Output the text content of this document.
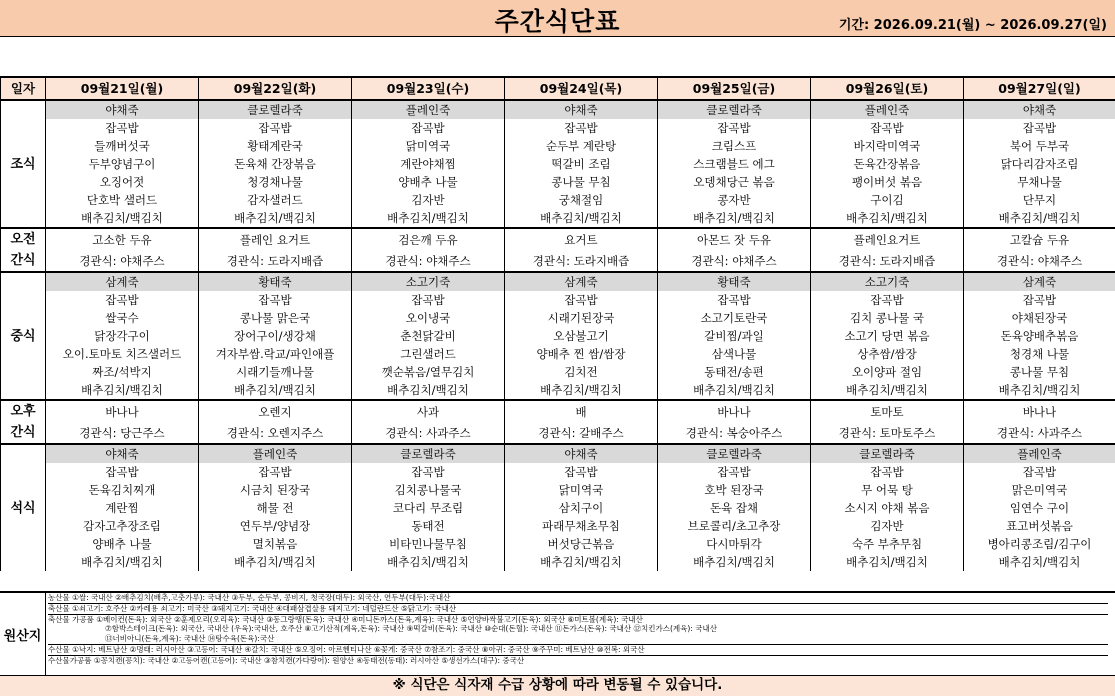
주간식단표	기간: 2026.09.21(월) ~ 2026.09.27(일)
일자	09월21일(월)	09월22일(화)	09월23일(수)	09월24일(목)	09월25일(금)	09월26일(토)	09월27일(일)
조식	야채죽	클로렐라죽	플레인죽	야채죽	클로렐라죽	플레인죽	야채죽
	잡곡밥	잡곡밥	잡곡밥	잡곡밥	잡곡밥	잡곡밥	잡곡밥
	들깨버섯국	황태계란국	닭미역국	순두부 계란탕	크림스프	바지락미역국	북어 두부국
	두부양념구이	돈육채 간장볶음	계란야채찜	떡갈비 조림	스크램블드 에그	돈육간장볶음	닭다리감자조림
	오징어젓	청경채나물	양배추 나물	콩나물 무침	오뎅채당근 볶음	팽이버섯 볶음	무채나물
	단호박 샐러드	감자샐러드	김자반	궁채절임	콩자반	구이김	단무지
	배추김치/백김치	배추김치/백김치	배추김치/백김치	배추김치/백김치	배추김치/백김치	배추김치/백김치	배추김치/백김치
오전
간식	고소한 두유	플레인 요거트	검은깨 두유	요거트	아몬드 잣 두유	플레인요거트	고칼슘 두유
	경관식: 야채주스	경관식: 도라지배즙	경관식: 야채주스	경관식: 도라지배즙	경관식: 야채주스	경관식: 도라지배즙	경관식: 야채주스
중식	삼계죽	황태죽	소고기죽	삼계죽	황태죽	소고기죽	삼계죽
	잡곡밥	잡곡밥	잡곡밥	잡곡밥	잡곡밥	잡곡밥	잡곡밥
	쌀국수	콩나물 맑은국	오이냉국	시래기된장국	소고기토란국	김치 콩나물 국	야채된장국
	닭장각구이	장어구이/생강채	춘천닭갈비	오삼불고기	갈비찜/과일	소고기 당면 볶음	돈육양배추볶음
	오이.토마토 치즈샐러드	겨자부쌈.락교/파인애플	그린샐러드	양배추 찐 쌈/쌈장	삼색나물	상추쌈/쌈장	청경채 나물
	짜조/석박지	시래기들깨나물	깻순볶음/열무김치	김치전	동태전/송편	오이양파 절임	콩나물 무침
	배추김치/백김치	배추김치/백김치	배추김치/백김치	배추김치/백김치	배추김치/백김치	배추김치/백김치	배추김치/백김치
오후
간식	바나나	오렌지	사과	배	바나나	토마토	바나나
	경관식: 당근주스	경관식: 오렌지주스	경관식: 사과주스	경관식: 갈배주스	경관식: 복숭아주스	경관식: 토마토주스	경관식: 사과주스
석식	야채죽	플레인죽	클로렐라죽	야채죽	클로렐라죽	클로렐라죽	플레인죽
	잡곡밥	잡곡밥	잡곡밥	잡곡밥	잡곡밥	잡곡밥	잡곡밥
	돈육김치찌개	시금치 된장국	김치콩나물국	닭미역국	호박 된장국	무 어묵 탕	맑은미역국
	계란찜	해물 전	코다리 무조림	삼치구이	돈육 잡채	소시지 야채 볶음	임연수 구이
	감자고추장조림	연두부/양념장	동태전	파래무채초무침	브로콜리/초고추장	김자반	표고버섯볶음
	양배추 나물	멸치볶음	비타민나물무침	버섯당근볶음	다시마튀각	숙주 부추무침	병아리콩조림/김구이
	배추김치/백김치	배추김치/백김치	배추김치/백김치	배추김치/백김치	배추김치/백김치	배추김치/백김치	배추김치/백김치
원산지
농산물 ①쌀: 국내산 ②배추김치(배추,고춧가루): 국내산 ③두부, 순두부, 콩비지, 청국장(대두): 외국산, 연두부(대두):국내산
축산물 ①쇠고기: 호주산 ②카레용 쇠고기: 미국산 ③돼지고기: 국내산 ④대패삼겹살용 돼지고기: 네덜란드산 ⑤닭고기: 국내산
축산물 가공품 ①베이컨(돈육): 외국산 ②훈제오리(오리육): 국내산 ③동그랑땡(돈육): 국내산 ④미니돈까스(돈육,계육): 국내산 ⑤언양바싹불고기(돈육): 외국산 ⑥미트볼(계육): 국내산
⑦함박스테이크(돈육): 외국산, 국내산 (우육):국내산, 호주산 ⑧고기산적(계육,돈육): 국내산 ⑨떡갈비(돈육): 국내산 ⑩순대(돈혈): 국내산 ⑪돈가스(돈육): 국내산 ⑫치킨가스(계육): 국내산
⑬너비아니(돈육,계육): 국내산 ⑭탕수육(돈육):국산
수산물 ①낙지: 베트남산 ②명태: 러시아산 ③고등어: 국내산 ④갈치: 국내산 ⑤오징어: 아르헨티나산 ⑥꽃게: 중국산 ⑦참조기: 중국산 ⑧아귀: 중국산 ⑨주꾸미: 베트남산 ⑩전복: 외국산
수산물가공품 ①꽁치캔(꽁치): 국내산 ②고등어캔(고등어): 국내산 ③참치캔(가다랑어): 원양산 ④동태전(동태): 러시아산 ⑤생선가스(대구): 중국산
※ 식단은 식자재 수급 상황에 따라 변동될 수 있습니다.
